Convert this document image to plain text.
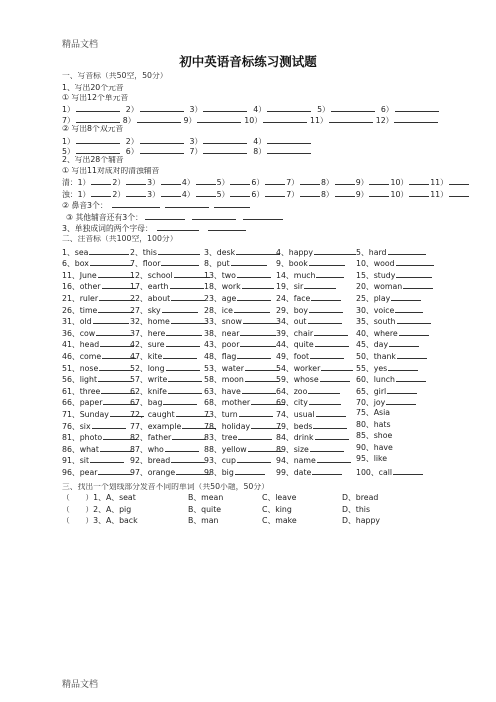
精品文档
初中英语音标练习测试题
一、写音标（共50空，50分）
1、写出20个元音
① 写出12个单元音
1）	2）	3）	4）	5）	6）
7）	8）	9）	10）	11）	12）
② 写出8个双元音
1）	2）	3）	4）
5）	6）	7）	8）
2、写出28个辅音
① 写出11对成对的清浊辅音
清：1）	2）	3）	4）	5）	6）	7）	8）	9）	10）	11）
浊：1）	2）	3）	4）	5）	6）	7）	8）	9）	10）	11）
② 鼻音3个：
③ 其他辅音还有3个：
3、单独成词的两个字母：
二、注音标（共100空，100分）
1、sea	2、this	3、desk	4、happy	5、hard
6、box	7、floor	8、put	9、book	10、wood
11、June	12、school	13、two	14、much	15、study
16、other	17、earth	18、work	19、sir	20、woman
21、ruler	22、about	23、age	24、face	25、play
26、time	27、sky	28、ice	29、boy	30、voice
31、old	32、home	33、snow	34、out	35、south
36、cow	37、here	38、near	39、chair	40、where
41、head	42、sure	43、poor	44、quite	45、day
46、come	47、kite	48、flag	49、foot	50、thank
51、nose	52、long	53、water	54、worker	55、yes
56、light	57、write	58、moon	59、whose	60、lunch
61、three	62、knife	63、have	64、zoo	65、girl
66、paper	67、bag	68、mother	69、city	70、joy
71、Sunday	72、caught	73、turn	74、usual	75、Asia
76、six	77、example	78、holiday	79、beds	80、hats
81、photo	82、father	83、tree	84、drink	85、shoe
86、what	87、who	88、yellow	89、size	90、have
91、sit	92、bread	93、cup	94、name	95、like
96、pear	97、orange	98、big	99、date	100、call
三、找出一个划线部分发音不同的单词（共50小题，50分）
（　　）1、A、seat	B、mean	C、leave	D、bread
（　　）2、A、pig	B、quite	C、king	D、this
（　　）3、A、back	B、man	C、make	D、happy
精品文档
